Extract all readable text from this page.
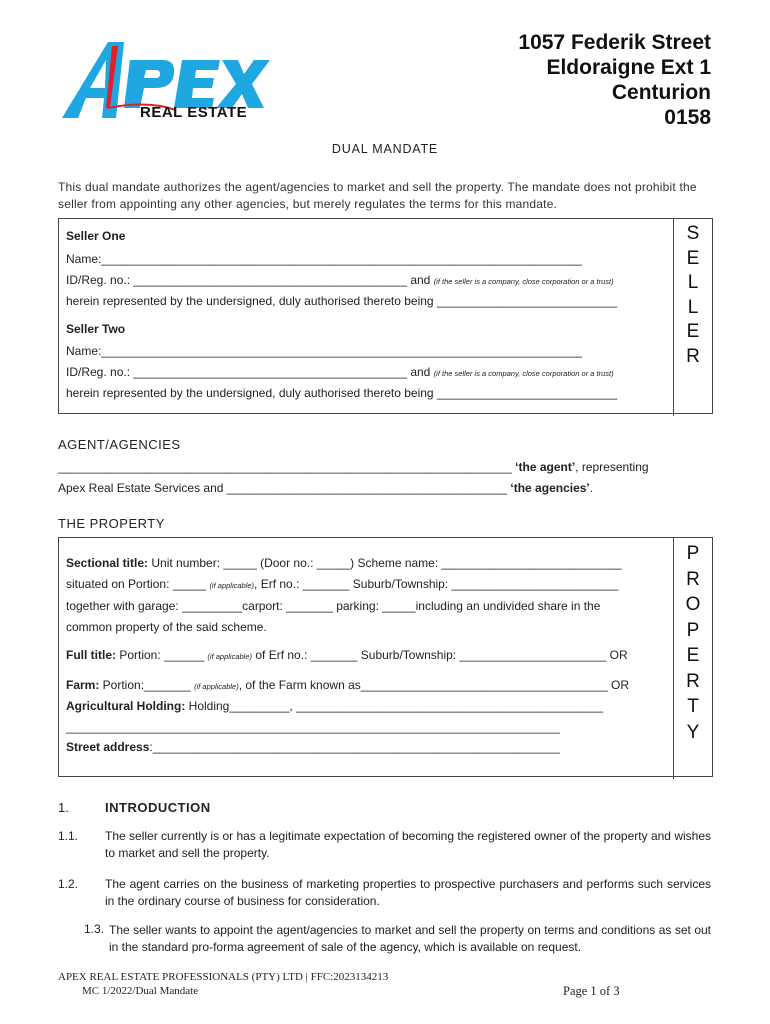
REAL ESTATE
1057 Federik Street
Eldoraigne Ext 1
Centurion
0158
DUAL MANDATE
This dual mandate authorizes the agent/agencies to market and sell the property. The mandate does not prohibit the seller from appointing any other agencies, but merely regulates the terms for this mandate.
S
E
L
L
E
R
Seller One
Name:________________________________________________________________________
ID/Reg. no.: _________________________________________ and (if the seller is a company, close corporation or a trust)
herein represented by the undersigned, duly authorised thereto being ___________________________
Seller Two
Name:________________________________________________________________________
ID/Reg. no.: _________________________________________ and (if the seller is a company, close corporation or a trust)
herein represented by the undersigned, duly authorised thereto being ___________________________
AGENT/AGENCIES
____________________________________________________________________ ‘the agent’, representing
Apex Real Estate Services and __________________________________________ ‘the agencies’.
THE PROPERTY
P
R
O
P
E
R
T
Y
Sectional title: Unit number: _____ (Door no.: _____) Scheme name: ___________________________
situated on Portion: _____ (if applicable), Erf no.: _______ Suburb/Township: _________________________
together with garage: _________carport: _______ parking: _____including an undivided share in the
common property of the said scheme.
Full title: Portion: ______ (if applicable) of Erf no.: _______ Suburb/Township: ______________________ OR
Farm: Portion:_______ (if applicable), of the Farm known as_____________________________________ OR
Agricultural Holding: Holding_________, ______________________________________________
__________________________________________________________________________
Street address:_____________________________________________________________
1.	INTRODUCTION
1.1. The seller currently is or has a legitimate expectation of becoming the registered owner of the property and wishes to market and sell the property.
1.2. The agent carries on the business of marketing properties to prospective purchasers and performs such services in the ordinary course of business for consideration.
1.3. The seller wants to appoint the agent/agencies to market and sell the property on terms and conditions as set out in the standard pro-forma agreement of sale of the agency, which is available on request.
APEX REAL ESTATE PROFESSIONALS (PTY) LTD | FFC:2023134213
MC 1/2022/Dual Mandate	Page 1 of 3
